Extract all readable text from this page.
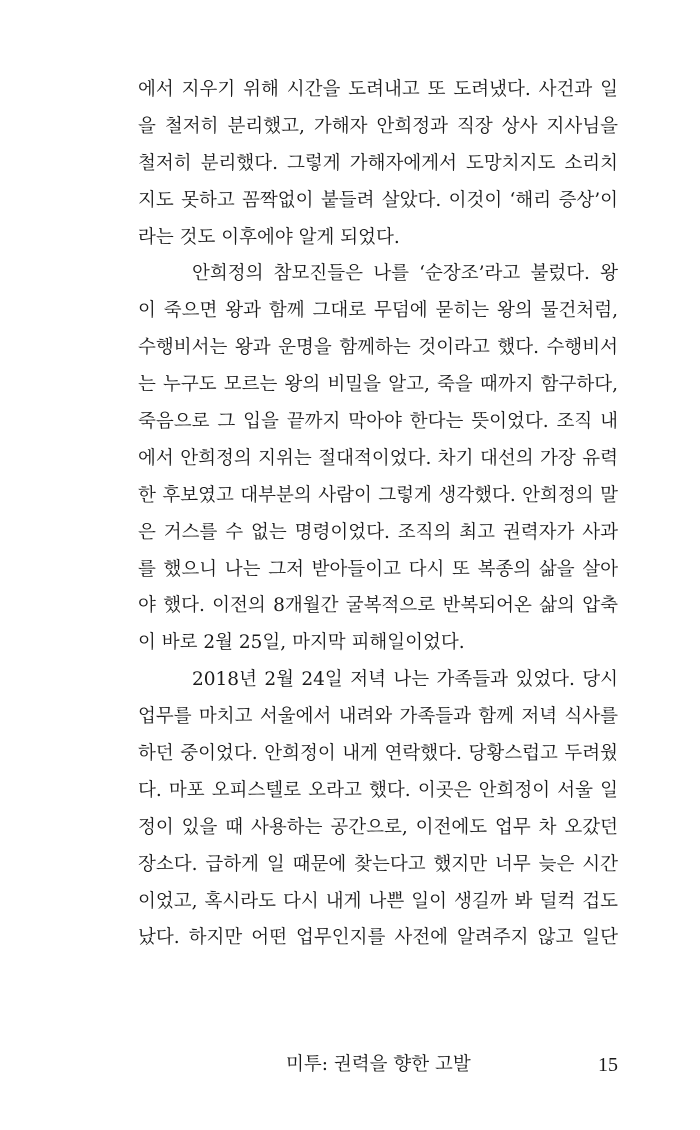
에서 지우기 위해 시간을 도려내고 또 도려냈다. 사건과 일
을 철저히 분리했고, 가해자 안희정과 직장 상사 지사님을
철저히 분리했다. 그렇게 가해자에게서 도망치지도 소리치
지도 못하고 꼼짝없이 붙들려 살았다. 이것이 ‘해리 증상’이
라는 것도 이후에야 알게 되었다.
안희정의 참모진들은 나를 ‘순장조’라고 불렀다. 왕
이 죽으면 왕과 함께 그대로 무덤에 묻히는 왕의 물건처럼,
수행비서는 왕과 운명을 함께하는 것이라고 했다. 수행비서
는 누구도 모르는 왕의 비밀을 알고, 죽을 때까지 함구하다,
죽음으로 그 입을 끝까지 막아야 한다는 뜻이었다. 조직 내
에서 안희정의 지위는 절대적이었다. 차기 대선의 가장 유력
한 후보였고 대부분의 사람이 그렇게 생각했다. 안희정의 말
은 거스를 수 없는 명령이었다. 조직의 최고 권력자가 사과
를 했으니 나는 그저 받아들이고 다시 또 복종의 삶을 살아
야 했다. 이전의 8개월간 굴복적으로 반복되어온 삶의 압축
이 바로 2월 25일, 마지막 피해일이었다.
2018년 2월 24일 저녁 나는 가족들과 있었다. 당시
업무를 마치고 서울에서 내려와 가족들과 함께 저녁 식사를
하던 중이었다. 안희정이 내게 연락했다. 당황스럽고 두려웠
다. 마포 오피스텔로 오라고 했다. 이곳은 안희정이 서울 일
정이 있을 때 사용하는 공간으로, 이전에도 업무 차 오갔던
장소다. 급하게 일 때문에 찾는다고 했지만 너무 늦은 시간
이었고, 혹시라도 다시 내게 나쁜 일이 생길까 봐 덜컥 겁도
났다. 하지만 어떤 업무인지를 사전에 알려주지 않고 일단
미투: 권력을 향한 고발	15
